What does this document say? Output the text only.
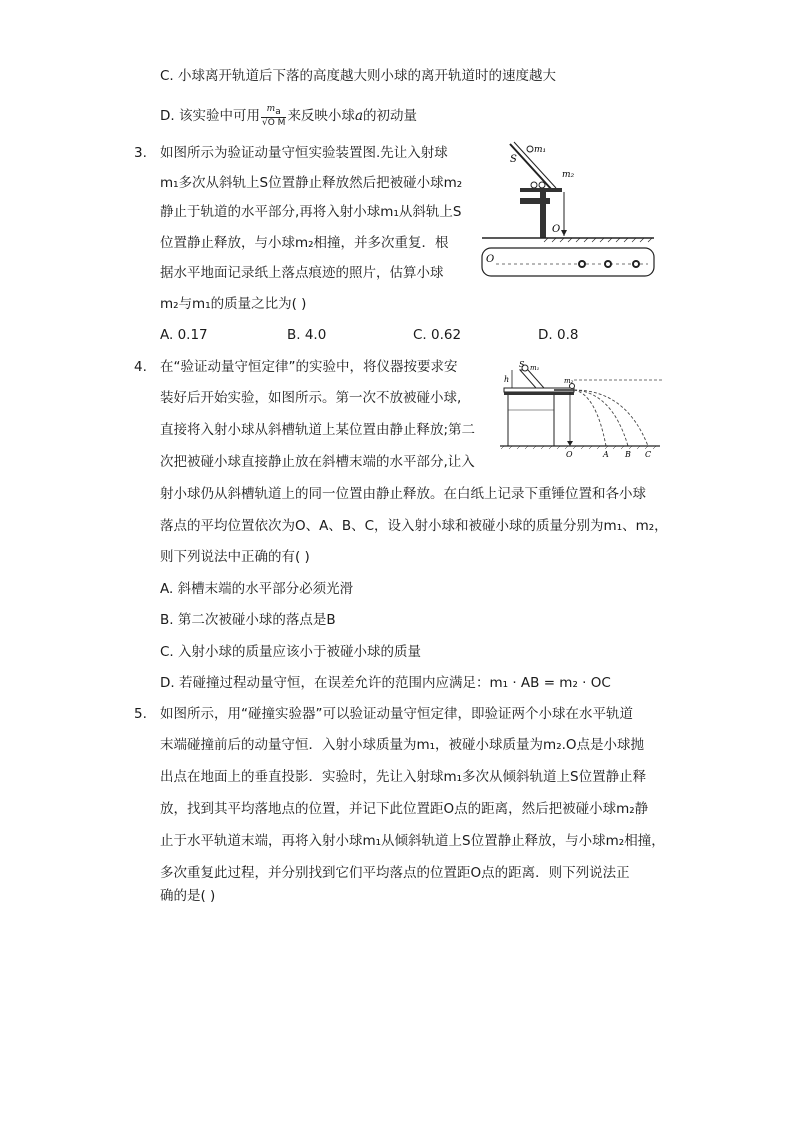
C. 小球离开轨道后下落的高度越大则小球的离开轨道时的速度越大
D. 该实验中可用 $\frac{m_a}{\text{√O M}}$ 来反映小球a的初动量
3. 如图所示为验证动量守恒实验装置图.先让入射球
m₁多次从斜轨上S位置静止释放然后把被碰小球m₂
静止于轨道的水平部分,再将入射小球m₁从斜轨上S
位置静止释放，与小球m₂相撞，并多次重复．根
据水平地面记录纸上落点痕迹的照片，估算小球
m₂与m₁的质量之比为( )
A. 0.17	B. 4.0	C. 0.62	D. 0.8
m₁
S
m₂
O
O
4. 在“验证动量守恒定律”的实验中，将仪器按要求安
装好后开始实验，如图所示。第一次不放被碰小球,
直接将入射小球从斜槽轨道上某位置由静止释放;第二
次把被碰小球直接静止放在斜槽末端的水平部分,让入
射小球仍从斜槽轨道上的同一位置由静止释放。在白纸上记录下重锤位置和各小球
落点的平均位置依次为O、A、B、C，设入射小球和被碰小球的质量分别为m₁、m₂，
则下列说法中正确的有( )
A. 斜槽末端的水平部分必须光滑
B. 第二次被碰小球的落点是B
C. 入射小球的质量应该小于被碰小球的质量
D. 若碰撞过程动量守恒，在误差允许的范围内应满足：m₁ · AB = m₂ · OC
S m₁
h	m₂
O	A B C
5. 如图所示，用“碰撞实验器”可以验证动量守恒定律，即验证两个小球在水平轨道
末端碰撞前后的动量守恒．入射小球质量为m₁，被碰小球质量为m₂.O点是小球抛
出点在地面上的垂直投影．实验时，先让入射球m₁多次从倾斜轨道上S位置静止释
放，找到其平均落地点的位置，并记下此位置距O点的距离，然后把被碰小球m₂静
止于水平轨道末端，再将入射小球m₁从倾斜轨道上S位置静止释放，与小球m₂相撞，
多次重复此过程，并分别找到它们平均落点的位置距O点的距离．则下列说法正
确的是( )
